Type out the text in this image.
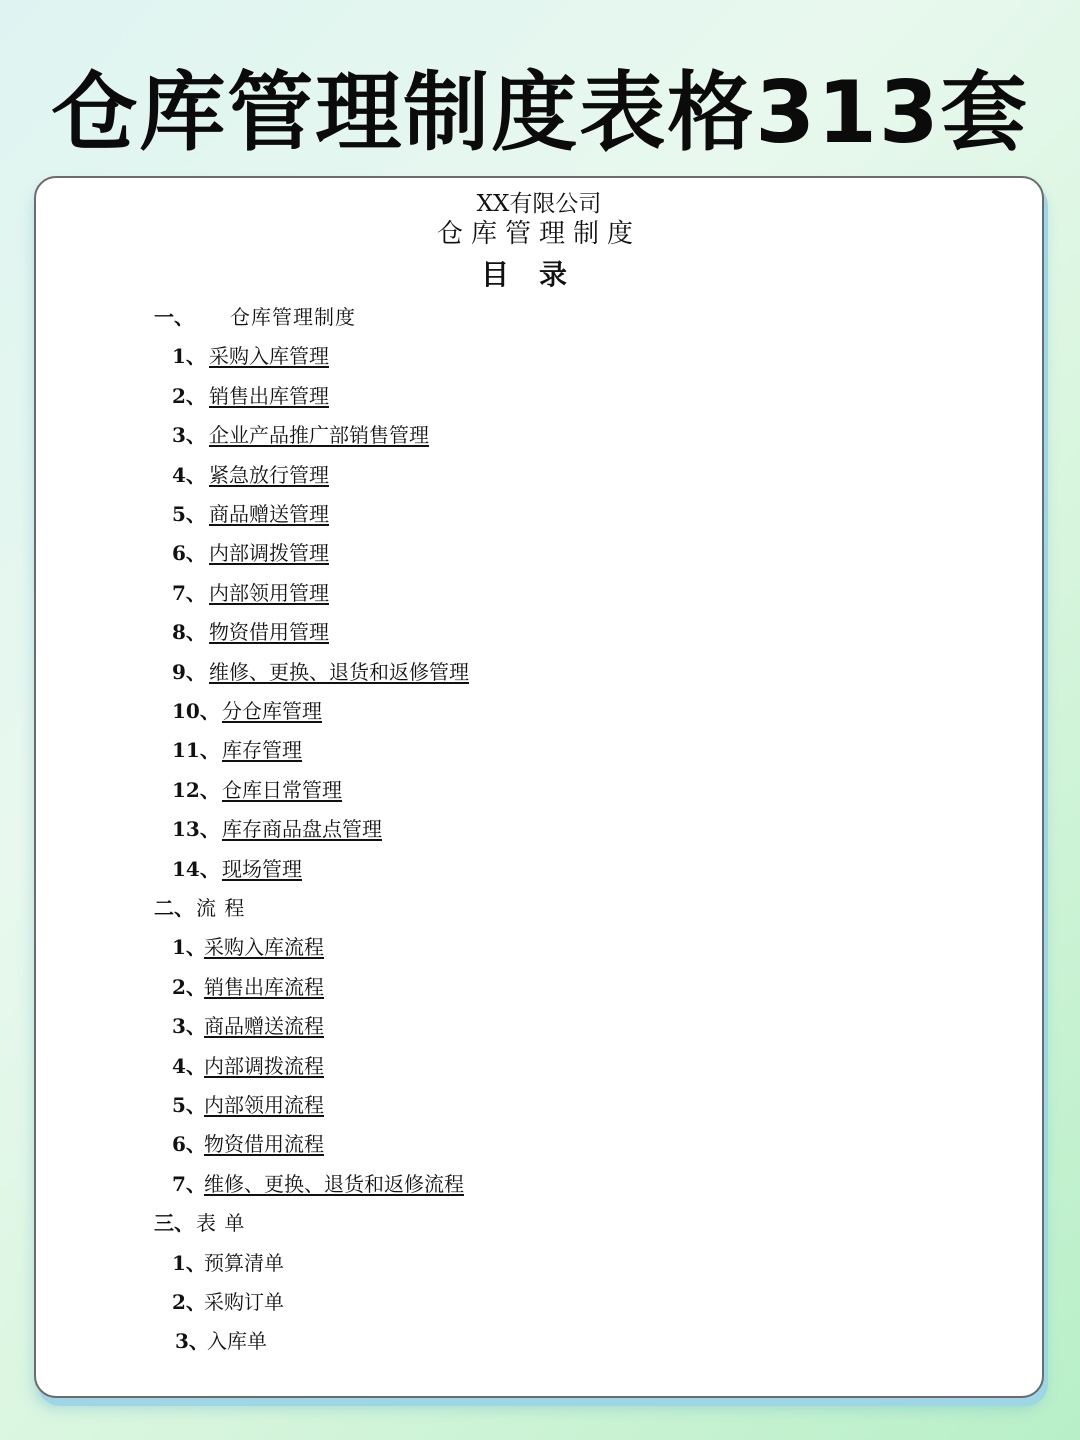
仓库管理制度表格313套
XX有限公司
仓库管理制度
目录
一、 仓库管理制度
1、 采购入库管理
2、 销售出库管理
3、 企业产品推广部销售管理
4、 紧急放行管理
5、 商品赠送管理
6、 内部调拨管理
7、 内部领用管理
8、 物资借用管理
9、 维修、更换、退货和返修管理
10、 分仓库管理
11、 库存管理
12、 仓库日常管理
13、 库存商品盘点管理
14、 现场管理
二、 流 程
1、采购入库流程
2、销售出库流程
3、商品赠送流程
4、内部调拨流程
5、内部领用流程
6、物资借用流程
7、维修、更换、退货和返修流程
三、 表 单
1、预算清单
2、采购订单
3、入库单
